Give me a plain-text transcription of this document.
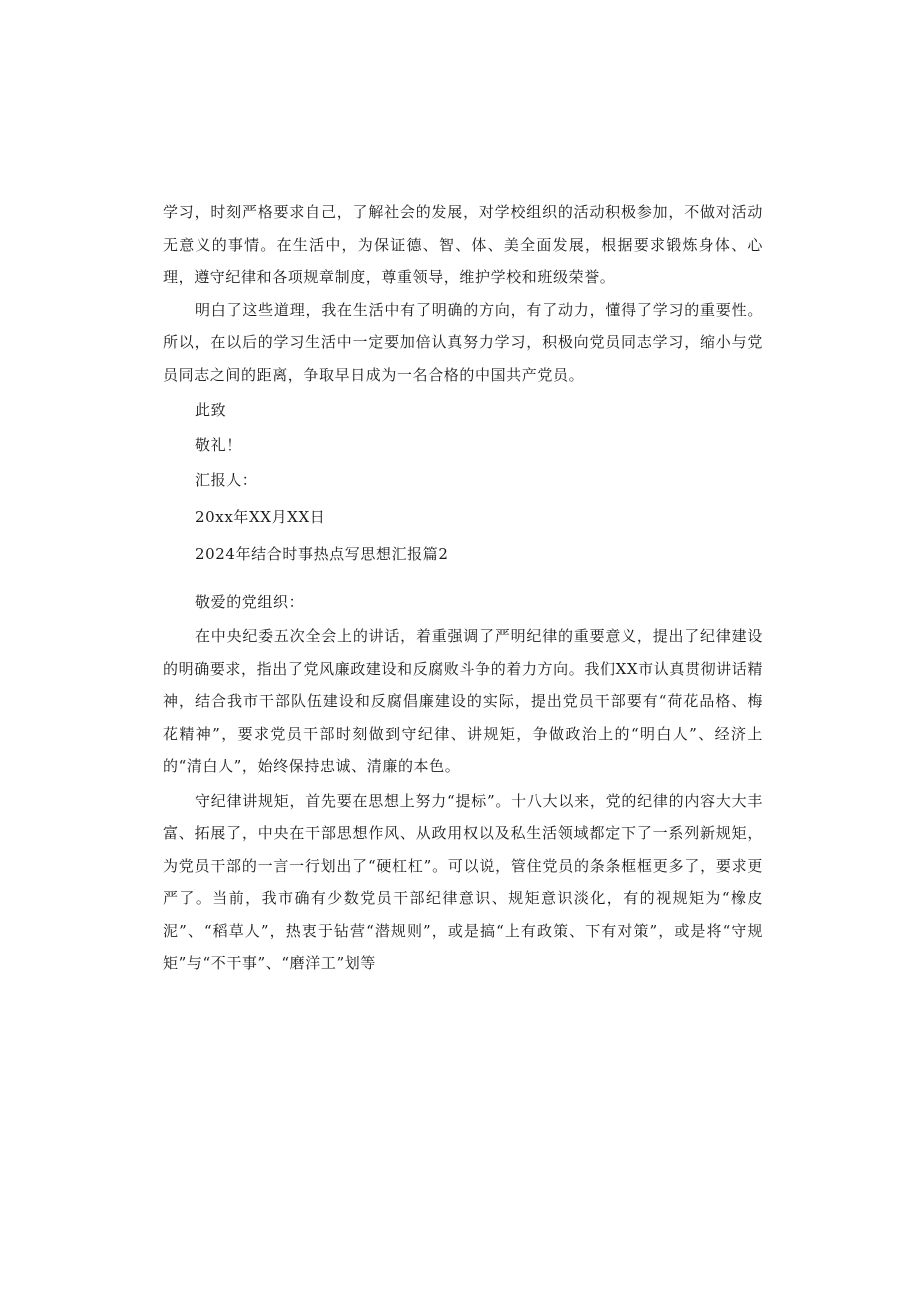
学习，时刻严格要求自己，了解社会的发展，对学校组织的活动积极参加，不做对活动无意义的事情。在生活中，为保证德、智、体、美全面发展，根据要求锻炼身体、心理，遵守纪律和各项规章制度，尊重领导，维护学校和班级荣誉。

明白了这些道理，我在生活中有了明确的方向，有了动力，懂得了学习的重要性。所以，在以后的学习生活中一定要加倍认真努力学习，积极向党员同志学习，缩小与党员同志之间的距离，争取早日成为一名合格的中国共产党员。

此致

敬礼！

汇报人：

20xx年XX月XX日

2024年结合时事热点写思想汇报篇2

敬爱的党组织：

在中央纪委五次全会上的讲话，着重强调了严明纪律的重要意义，提出了纪律建设的明确要求，指出了党风廉政建设和反腐败斗争的着力方向。我们XX市认真贯彻讲话精神，结合我市干部队伍建设和反腐倡廉建设的实际，提出党员干部要有“荷花品格、梅花精神”，要求党员干部时刻做到守纪律、讲规矩，争做政治上的“明白人”、经济上的“清白人”，始终保持忠诚、清廉的本色。

守纪律讲规矩，首先要在思想上努力“提标”。十八大以来，党的纪律的内容大大丰富、拓展了，中央在干部思想作风、从政用权以及私生活领域都定下了一系列新规矩，为党员干部的一言一行划出了“硬杠杠”。可以说，管住党员的条条框框更多了，要求更严了。当前，我市确有少数党员干部纪律意识、规矩意识淡化，有的视规矩为“橡皮泥”、“稻草人”，热衷于钻营“潜规则”，或是搞“上有政策、下有对策”，或是将“守规矩”与“不干事”、“磨洋工”划等
